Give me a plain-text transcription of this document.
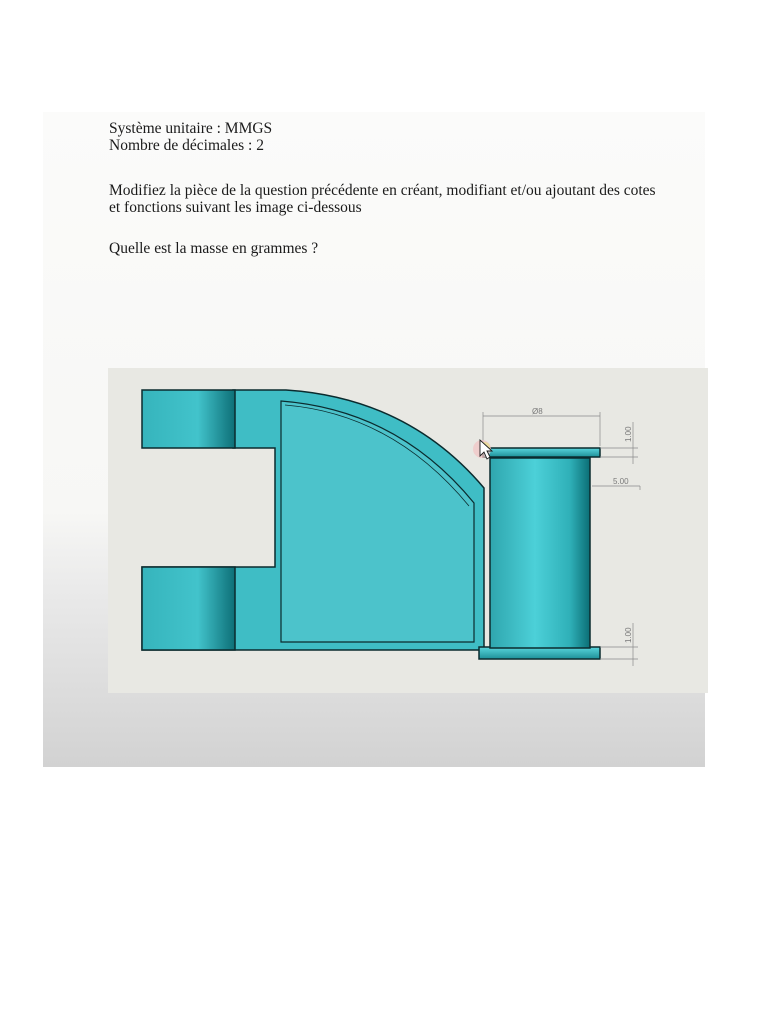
Système unitaire : MMGS
Nombre de décimales : 2
Modifiez la pièce de la question précédente en créant, modifiant et/ou ajoutant des cotes et fonctions suivant les image ci-dessous
Quelle est la masse en grammes ?
Ø8
1.00
5.00
1.00
